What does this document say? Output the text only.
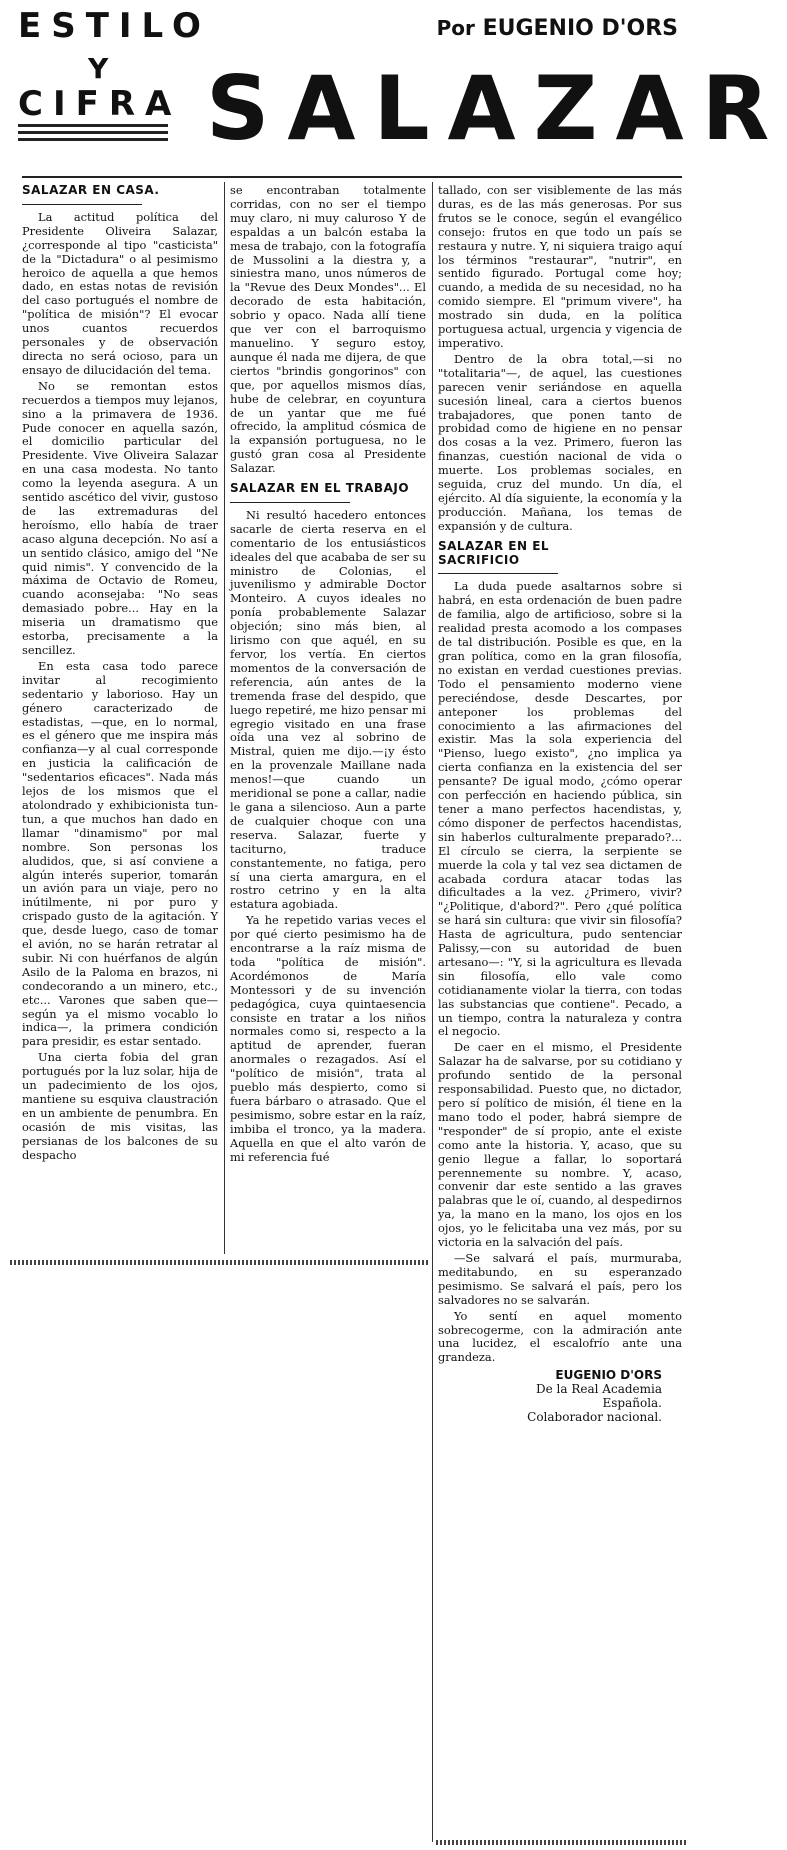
ESTILO
Y
CIFRA
Por EUGENIO D'ORS
SALAZAR
SALAZAR EN CASA.

La actitud política del Presidente Oliveira Salazar, ¿corresponde al tipo "casticista" de la "Dictadura" o al pesimismo heroico de aquella a que hemos dado, en estas notas de revisión del caso portugués el nombre de "política de misión"? El evocar unos cuantos recuerdos personales y de observación directa no será ocioso, para un ensayo de dilucidación del tema.

No se remontan estos recuerdos a tiempos muy lejanos, sino a la primavera de 1936. Pude conocer en aquella sazón, el domicilio particular del Presidente. Vive Oliveira Salazar en una casa modesta. No tanto como la leyenda asegura. A un sentido ascético del vivir, gustoso de las extremaduras del heroísmo, ello había de traer acaso alguna decepción. No así a un sentido clásico, amigo del "Ne quid nimis". Y convencido de la máxima de Octavio de Romeu, cuando aconsejaba: "No seas demasiado pobre... Hay en la miseria un dramatismo que estorba, precisamente a la sencillez.

En esta casa todo parece invitar al recogimiento sedentario y laborioso. Hay un género caracterizado de estadistas, —que, en lo normal, es el género que me inspira más confianza—y al cual corresponde en justicia la calificación de "sedentarios eficaces". Nada más lejos de los mismos que el atolondrado y exhibicionista tun-tun, a que muchos han dado en llamar "dinamismo" por mal nombre. Son personas los aludidos, que, si así conviene a algún interés superior, tomarán un avión para un viaje, pero no inútilmente, ni por puro y crispado gusto de la agitación. Y que, desde luego, caso de tomar el avión, no se harán retratar al subir. Ni con huérfanos de algún Asilo de la Paloma en brazos, ni condecorando a un minero, etc., etc... Varones que saben que—según ya el mismo vocablo lo indica—, la primera condición para presidir, es estar sentado.

Una cierta fobia del gran portugués por la luz solar, hija de un padecimiento de los ojos, mantiene su esquiva claustración en un ambiente de penumbra. En ocasión de mis visitas, las persianas de los balcones de su despacho

se encontraban totalmente corridas, con no ser el tiempo muy claro, ni muy caluroso Y de espaldas a un balcón estaba la mesa de trabajo, con la fotografía de Mussolini a la diestra y, a siniestra mano, unos números de la "Revue des Deux Mondes"... El decorado de esta habitación, sobrio y opaco. Nada allí tiene que ver con el barroquismo manuelino. Y seguro estoy, aunque él nada me dijera, de que ciertos "brindis gongorinos" con que, por aquellos mismos días, hube de celebrar, en coyuntura de un yantar que me fué ofrecido, la amplitud cósmica de la expansión portuguesa, no le gustó gran cosa al Presidente Salazar.

SALAZAR EN EL TRABAJO

Ni resultó hacedero entonces sacarle de cierta reserva en el comentario de los entusiásticos ideales del que acababa de ser su ministro de Colonias, el juvenilismo y admirable Doctor Monteiro. A cuyos ideales no ponía probablemente Salazar objeción; sino más bien, al lirismo con que aquél, en su fervor, los vertía. En ciertos momentos de la conversación de referencia, aún antes de la tremenda frase del despido, que luego repetiré, me hizo pensar mi egregio visitado en una frase oída una vez al sobrino de Mistral, quien me dijo.—¡y ésto en la provenzale Maillane nada menos!—que cuando un meridional se pone a callar, nadie le gana a silencioso. Aun a parte de cualquier choque con una reserva. Salazar, fuerte y taciturno, traduce constantemente, no fatiga, pero sí una cierta amargura, en el rostro cetrino y en la alta estatura agobiada.

Ya he repetido varias veces el por qué cierto pesimismo ha de encontrarse a la raíz misma de toda "política de misión". Acordémonos de María Montessori y de su invención pedagógica, cuya quintaesencia consiste en tratar a los niños normales como si, respecto a la aptitud de aprender, fueran anormales o rezagados. Así el "político de misión", trata al pueblo más despierto, como si fuera bárbaro o atrasado. Que el pesimismo, sobre estar en la raíz, imbiba el tronco, ya la madera. Aquella en que el alto varón de mi referencia fué

tallado, con ser visiblemente de las más duras, es de las más generosas. Por sus frutos se le conoce, según el evangélico consejo: frutos en que todo un país se restaura y nutre. Y, ni siquiera traigo aquí los términos "restaurar", "nutrir", en sentido figurado. Portugal come hoy; cuando, a medida de su necesidad, no ha comido siempre. El "primum vivere", ha mostrado sin duda, en la política portuguesa actual, urgencia y vigencia de imperativo.

Dentro de la obra total,—si no "totalitaria"—, de aquel, las cuestiones parecen venir seriándose en aquella sucesión lineal, cara a ciertos buenos trabajadores, que ponen tanto de probidad como de higiene en no pensar dos cosas a la vez. Primero, fueron las finanzas, cuestión nacional de vida o muerte. Los problemas sociales, en seguida, cruz del mundo. Un día, el ejército. Al día siguiente, la economía y la producción. Mañana, los temas de expansión y de cultura.

SALAZAR EN EL
SACRIFICIO

La duda puede asaltarnos sobre si habrá, en esta ordenación de buen padre de familia, algo de artificioso, sobre si la realidad presta acomodo a los compases de tal distribución. Posible es que, en la gran política, como en la gran filosofía, no existan en verdad cuestiones previas. Todo el pensamiento moderno viene pereciéndose, desde Descartes, por anteponer los problemas del conocimiento a las afirmaciones del existir. Mas la sola experiencia del "Pienso, luego existo", ¿no implica ya cierta confianza en la existencia del ser pensante? De igual modo, ¿cómo operar con perfección en haciendo pública, sin tener a mano perfectos hacendistas, y, cómo disponer de perfectos hacendistas, sin haberlos culturalmente preparado?... El círculo se cierra, la serpiente se muerde la cola y tal vez sea dictamen de acabada cordura atacar todas las dificultades a la vez. ¿Primero, vivir? "¿Politique, d'abord?". Pero ¿qué política se hará sin cultura: que vivir sin filosofía? Hasta de agricultura, pudo sentenciar Palissy,—con su autoridad de buen artesano—: "Y, si la agricultura es llevada sin filosofía, ello vale como cotidianamente violar la tierra, con todas las substancias que contiene". Pecado, a un tiempo, contra la naturaleza y contra el negocio.

De caer en el mismo, el Presidente Salazar ha de salvarse, por su cotidiano y profundo sentido de la personal responsabilidad. Puesto que, no dictador, pero sí político de misión, él tiene en la mano todo el poder, habrá siempre de "responder" de sí propio, ante el existe como ante la historia. Y, acaso, que su genio llegue a fallar, lo soportará perennemente su nombre. Y, acaso, convenir dar este sentido a las graves palabras que le oí, cuando, al despedirnos ya, la mano en la mano, los ojos en los ojos, yo le felicitaba una vez más, por su victoria en la salvación del país.

—Se salvará el país, murmuraba, meditabundo, en su esperanzado pesimismo. Se salvará el país, pero los salvadores no se salvarán.

Yo sentí en aquel momento sobrecogerme, con la admiración ante una lucidez, el escalofrío ante una grandeza.

EUGENIO D'ORS
De la Real Academia
Española.
Colaborador nacional.
